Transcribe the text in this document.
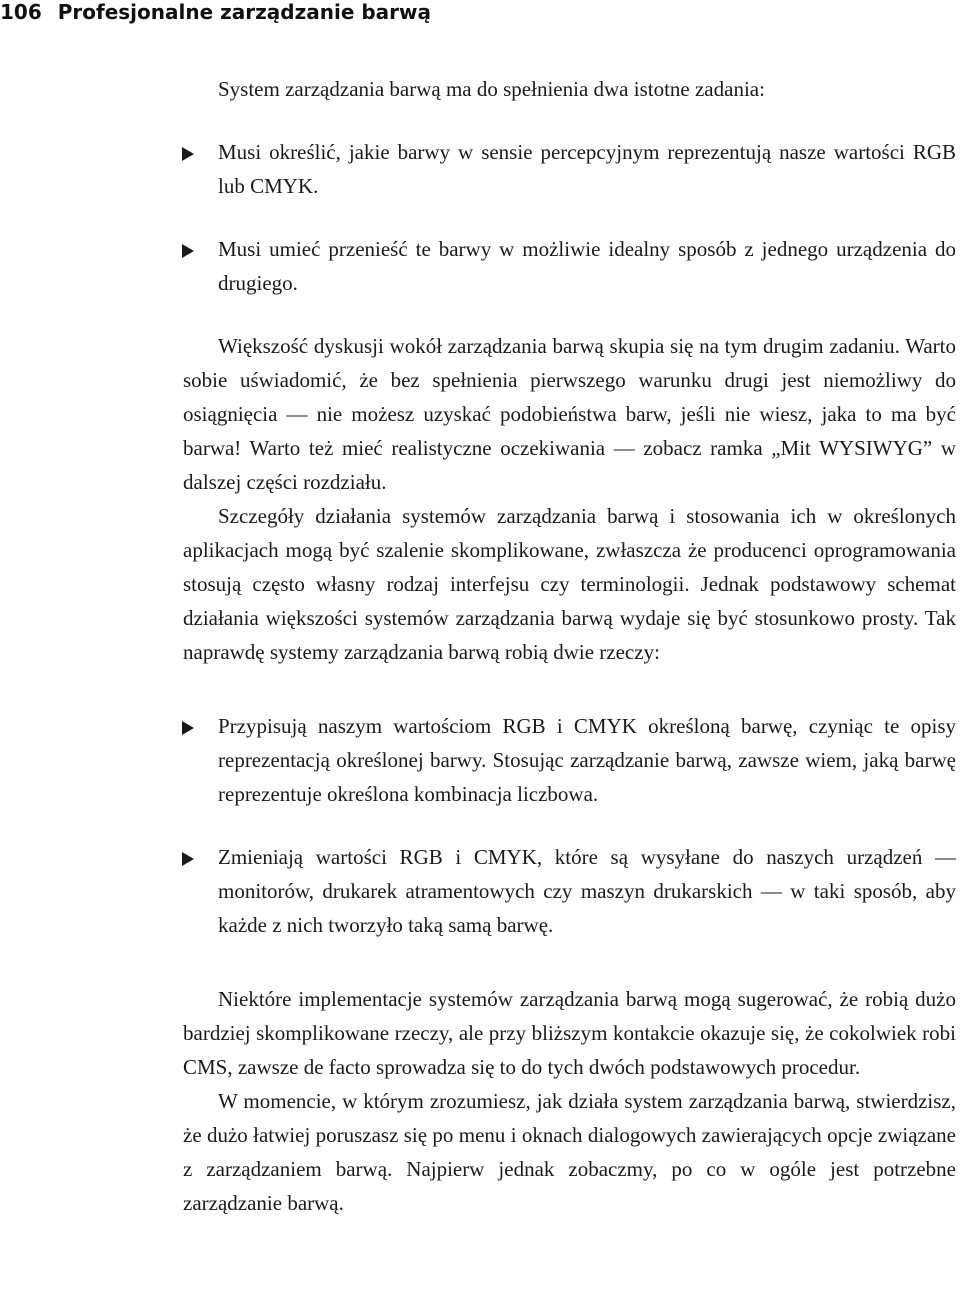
106 Profesjonalne zarządzanie barwą

System zarządzania barwą ma do spełnienia dwa istotne zadania:

Musi określić, jakie barwy w sensie percepcyjnym reprezentują nasze wartości RGB lub CMYK.
Musi umieć przenieść te barwy w możliwie idealny sposób z jednego urządzenia do drugiego.

Większość dyskusji wokół zarządzania barwą skupia się na tym drugim zadaniu. Warto sobie uświadomić, że bez spełnienia pierwszego warunku drugi jest niemożliwy do osiągnięcia — nie możesz uzyskać podobieństwa barw, jeśli nie wiesz, jaka to ma być barwa! Warto też mieć realistyczne oczekiwania — zobacz ramka „Mit WYSIWYG” w dalszej części rozdziału.

Szczegóły działania systemów zarządzania barwą i stosowania ich w określonych aplikacjach mogą być szalenie skomplikowane, zwłaszcza że producenci oprogramowania stosują często własny rodzaj interfejsu czy terminologii. Jednak podstawowy schemat działania większości systemów zarządzania barwą wydaje się być stosunkowo prosty. Tak naprawdę systemy zarządzania barwą robią dwie rzeczy:

Przypisują naszym wartościom RGB i CMYK określoną barwę, czyniąc te opisy reprezentacją określonej barwy. Stosując zarządzanie barwą, zawsze wiem, jaką barwę reprezentuje określona kombinacja liczbowa.
Zmieniają wartości RGB i CMYK, które są wysyłane do naszych urządzeń — monitorów, drukarek atramentowych czy maszyn drukarskich — w taki sposób, aby każde z nich tworzyło taką samą barwę.

Niektóre implementacje systemów zarządzania barwą mogą sugerować, że robią dużo bardziej skomplikowane rzeczy, ale przy bliższym kontakcie okazuje się, że cokolwiek robi CMS, zawsze de facto sprowadza się to do tych dwóch podstawowych procedur.

W momencie, w którym zrozumiesz, jak działa system zarządzania barwą, stwierdzisz, że dużo łatwiej poruszasz się po menu i oknach dialogowych zawierających opcje związane z zarządzaniem barwą. Najpierw jednak zobaczmy, po co w ogóle jest potrzebne zarządzanie barwą.
